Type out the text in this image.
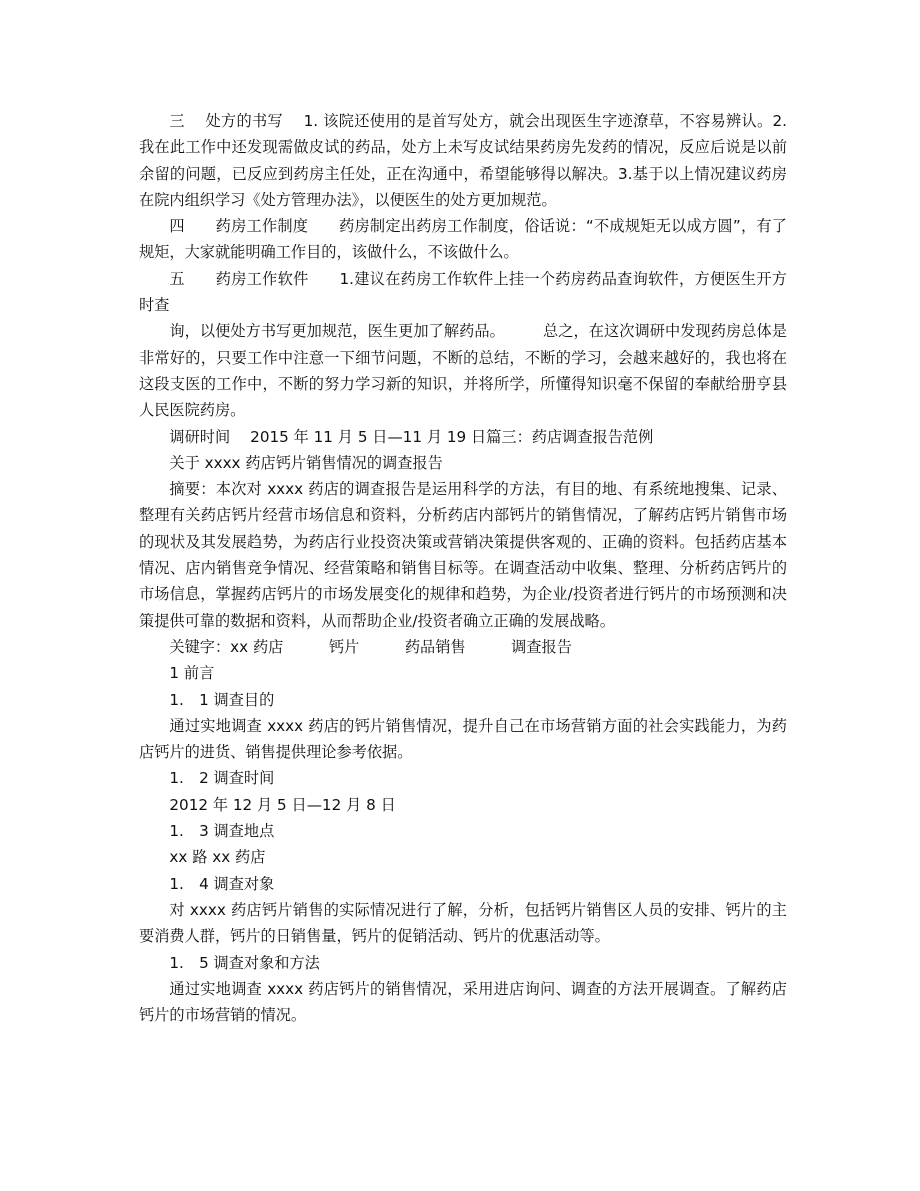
三　 处方的书写　 1. 该院还使用的是首写处方，就会出现医生字迹潦草，不容易辨认。2.我在此工作中还发现需做皮试的药品，处方上未写皮试结果药房先发药的情况，反应后说是以前余留的问题，已反应到药房主任处，正在沟通中，希望能够得以解决。3.基于以上情况建议药房在院内组织学习《处方管理办法》，以便医生的处方更加规范。

四　　药房工作制度　　药房制定出药房工作制度，俗话说：“不成规矩无以成方圆”，有了规矩，大家就能明确工作目的，该做什么，不该做什么。

五　　药房工作软件　　1.建议在药房工作软件上挂一个药房药品查询软件，方便医生开方时查

询，以便处方书写更加规范，医生更加了解药品。　　　总之，在这次调研中发现药房总体是非常好的，只要工作中注意一下细节问题，不断的总结，不断的学习，会越来越好的，我也将在这段支医的工作中，不断的努力学习新的知识，并将所学，所懂得知识毫不保留的奉献给册亨县人民医院药房。

调研时间　 2015 年 11 月 5 日—11 月 19 日篇三：药店调查报告范例

关于 xxxx 药店钙片销售情况的调查报告

摘要：本次对 xxxx 药店的调查报告是运用科学的方法，有目的地、有系统地搜集、记录、整理有关药店钙片经营市场信息和资料，分析药店内部钙片的销售情况，了解药店钙片销售市场的现状及其发展趋势，为药店行业投资决策或营销决策提供客观的、正确的资料。包括药店基本情况、店内销售竞争情况、经营策略和销售目标等。在调查活动中收集、整理、分析药店钙片的市场信息，掌握药店钙片的市场发展变化的规律和趋势，为企业/投资者进行钙片的市场预测和决策提供可靠的数据和资料，从而帮助企业/投资者确立正确的发展战略。

关键字：xx 药店　　　钙片　　　药品销售　　　调查报告

1 前言

1.　1 调查目的

通过实地调查 xxxx 药店的钙片销售情况，提升自己在市场营销方面的社会实践能力，为药店钙片的进货、销售提供理论参考依据。

1.　2 调查时间

2012 年 12 月 5 日—12 月 8 日

1.　3 调查地点

xx 路 xx 药店

1.　4 调查对象

对 xxxx 药店钙片销售的实际情况进行了解，分析，包括钙片销售区人员的安排、钙片的主要消费人群，钙片的日销售量，钙片的促销活动、钙片的优惠活动等。

1.　5 调查对象和方法

通过实地调查 xxxx 药店钙片的销售情况，采用进店询问、调查的方法开展调查。了解药店钙片的市场营销的情况。
